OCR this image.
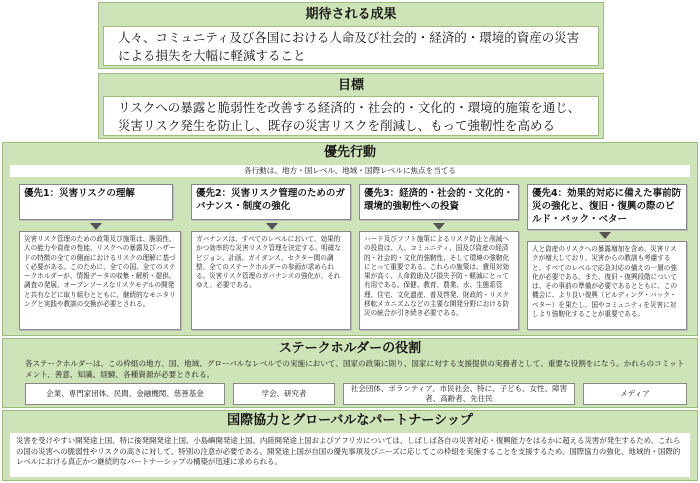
期待される成果
人々、コミュニティ及び各国における人命及び社会的・経済的・環境的資産の災害による損失を大幅に軽減すること
目標
リスクへの暴露と脆弱性を改善する経済的・社会的・文化的・環境的施策を通じ、災害リスク発生を防止し、既存の災害リスクを削減し、もって強靭性を高める
優先行動
各行動は、地方・国レベル、地域・国際レベルに焦点を当てる
優先1：災害リスクの理解
災害リスク管理のための政策及び施策は、脆弱性、人の能力や資産の性能、リスクへの暴露及びハザードの特徴の全ての側面におけるリスクの理解に基づく必要がある。このために、全ての国、全てのステークホルダーが、情報データの収集・解析・提供、調査の発展、オープンソースなリスクモデルの開発と共有などに取り組むとともに、継続的なモニタリングと実践や教訓の交換が必要とされる。
優先2：災害リスク管理のためのガバナンス・制度の強化
ガバナンスは、すべてのレベルにおいて、効果的かつ効率的な災害リスク管理を決定する。明確なビジョン、計画、ガイダンス、セクター間の調整、全てのステークホルダーの参画が求められる。災害リスク管理のガバナンスの強化が、それゆえ、必要である。
優先3：経済的・社会的・文化的・環境的強靭性への投資
ハード及びソフト施策によるリスク防止と削減への投資は、人、コミュニティ、国及び資産の経済的・社会的・文化的強靭性、そして環境の強靭化にとって重要である。これらの施策は、費用対効果が高く、人命救助及び損失予防・軽減にとって有用である。保健、教育、農業、水、生態系管理、住宅、文化遺産、普及啓発、財政的・リスク移転メカニズムなどの主要な開発分野における防災の統合が引き続き必要である。
優先4：効果的対応に備えた事前防災の強化と、復旧・復興の際のビルド・バック・ベター
人と資産のリスクへの暴露増加を含め、災害リスクが増大しており、災害からの教訓も考慮すると、すべてのレベルで応急対応の備えの一層の強化が必要である。また、復旧・復興段階については、その事前の準備が必要であるとともに、この機会に、より良い復興（ビルディング・バック・ベター）を果たし、国やコミュニティを災害に対しより強靭化することが重要である。
ステークホルダーの役割
各ステークホルダーは、この枠組の地方、国、地域、グローバルなレベルでの実施において、国家の政策に則り、国家に対する支援提供の実務者として、重要な役割をになう。かれらのコミットメント、善意、知識、経験、各種資源が必要とされる。
企業、専門家団体、民間、金融機関、慈善基金	学会、研究者
社会団体、ボランティア、市民社会、特に、子ども、女性、障害者、高齢者、先住民
メディア
国際協力とグローバルなパートナーシップ
災害を受けやすい開発途上国、特に後発開発途上国、小島嶼開発途上国、内陸開発途上国およびアフリカについては、しばしば各自の災害対応・復興能力をはるかに超える災害が発生するため、これらの国の災害への脆弱性やリスクの高さに対して、特別の注意が必要である。開発途上国が自国の優先事項及びニーズに応じてこの枠組を実施することを支援するため、国際協力の強化、地域的・国際的レベルにおける真正かつ継続的なパートナーシップの構築が迅速に求められる。
